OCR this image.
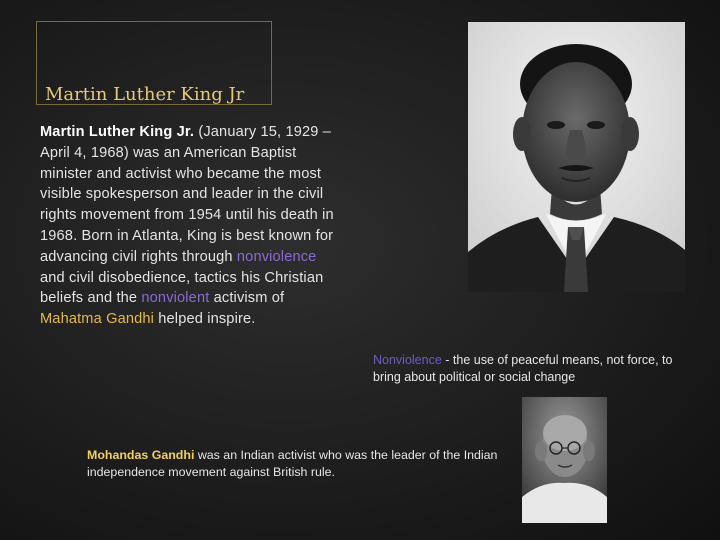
Martin Luther King Jr
Martin Luther King Jr. (January 15, 1929 – April 4, 1968) was an American Baptist minister and activist who became the most visible spokesperson and leader in the civil rights movement from 1954 until his death in 1968. Born in Atlanta, King is best known for advancing civil rights through nonviolence and civil disobedience, tactics his Christian beliefs and the nonviolent activism of Mahatma Gandhi helped inspire.
Nonviolence - the use of peaceful means, not force, to bring about political or social change
Mohandas Gandhi was an Indian activist who was the leader of the Indian independence movement against British rule.
